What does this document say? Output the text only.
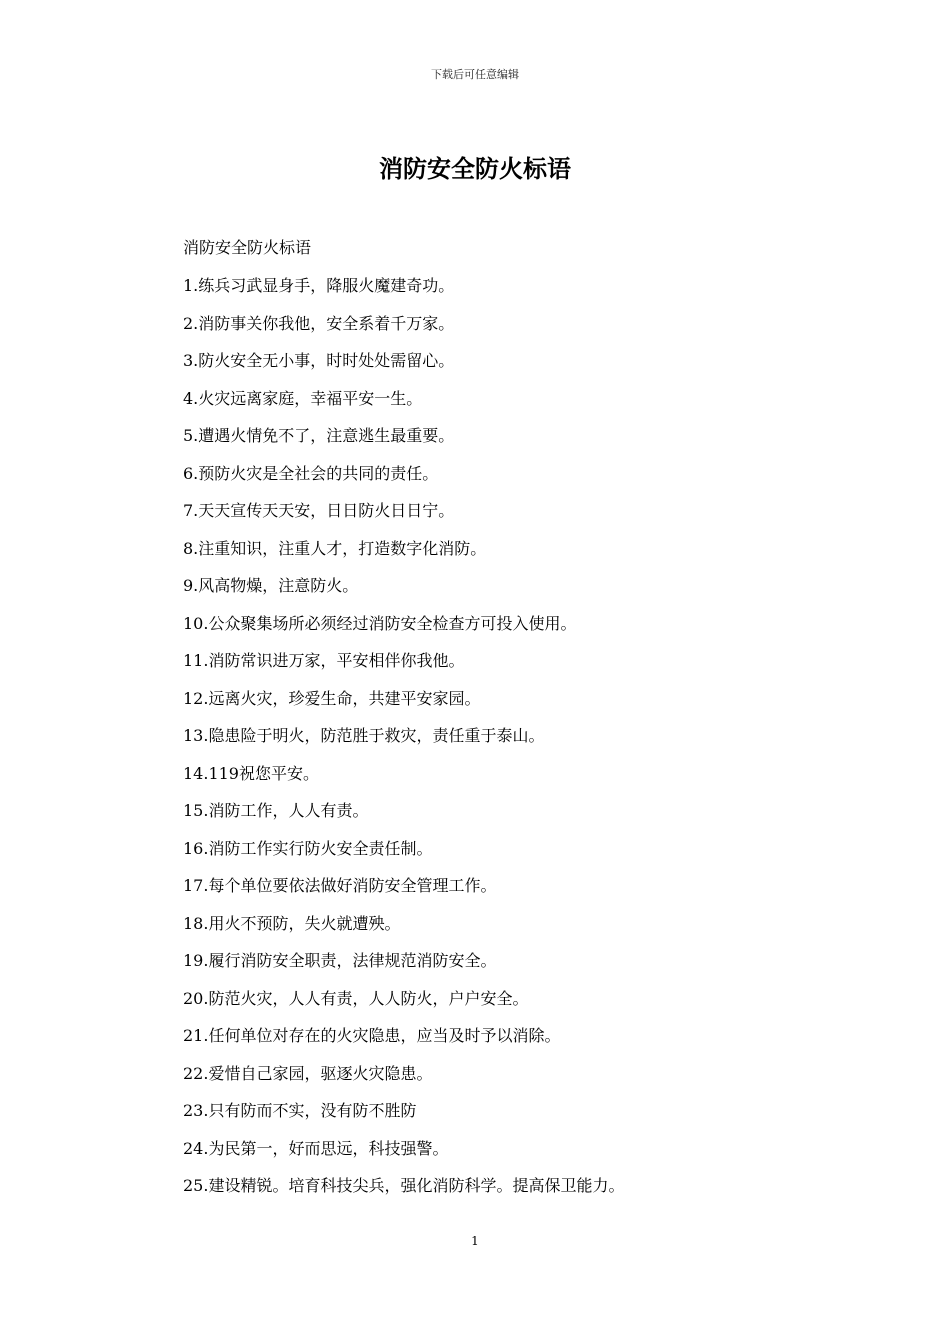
下载后可任意编辑
消防安全防火标语
消防安全防火标语
1.练兵习武显身手，降服火魔建奇功。
2.消防事关你我他，安全系着千万家。
3.防火安全无小事，时时处处需留心。
4.火灾远离家庭，幸福平安一生。
5.遭遇火情免不了，注意逃生最重要。
6.预防火灾是全社会的共同的责任。
7.天天宣传天天安，日日防火日日宁。
8.注重知识，注重人才，打造数字化消防。
9.风高物燥，注意防火。
10.公众聚集场所必须经过消防安全检查方可投入使用。
11.消防常识进万家，平安相伴你我他。
12.远离火灾，珍爱生命，共建平安家园。
13.隐患险于明火，防范胜于救灾，责任重于泰山。
14.119祝您平安。
15.消防工作，人人有责。
16.消防工作实行防火安全责任制。
17.每个单位要依法做好消防安全管理工作。
18.用火不预防，失火就遭殃。
19.履行消防安全职责，法律规范消防安全。
20.防范火灾，人人有责，人人防火，户户安全。
21.任何单位对存在的火灾隐患，应当及时予以消除。
22.爱惜自己家园，驱逐火灾隐患。
23.只有防而不实，没有防不胜防
24.为民第一，好而思远，科技强警。
25.建设精锐。培育科技尖兵，强化消防科学。提高保卫能力。
1
